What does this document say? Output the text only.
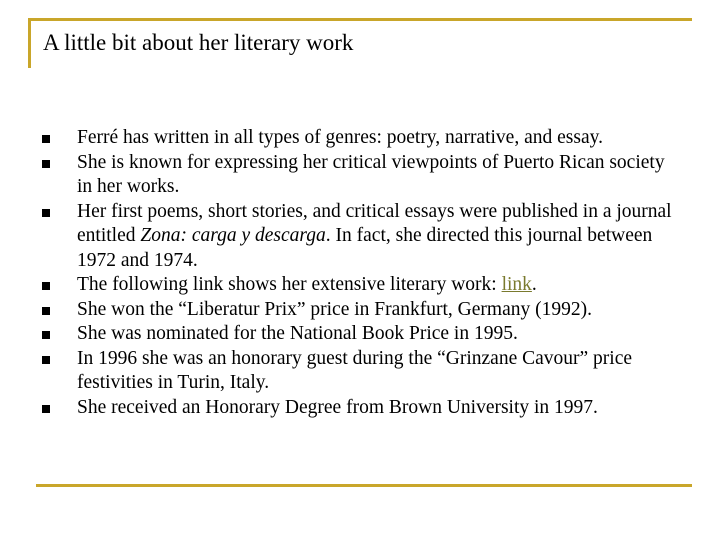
A little bit about her literary work
Ferré has written in all types of genres: poetry, narrative, and essay.
She is known for expressing her critical viewpoints of Puerto Rican society in her works.
Her first poems, short stories, and critical essays were published in a journal entitled Zona: carga y descarga. In fact, she directed this journal between 1972 and 1974.
The following link shows her extensive literary work: link.
She won the “Liberatur Prix” price in Frankfurt, Germany (1992).
She was nominated for the National Book Price in 1995.
In 1996 she was an honorary guest during the “Grinzane Cavour” price festivities in Turin, Italy.
She received an Honorary Degree from Brown University in 1997.
